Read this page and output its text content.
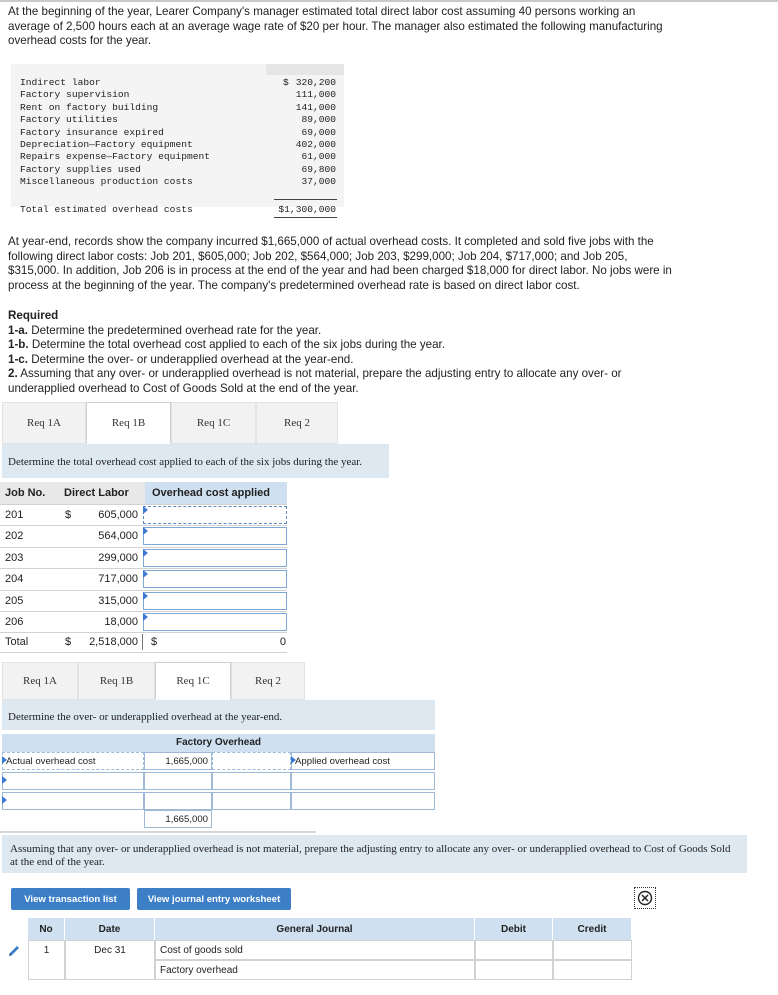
At the beginning of the year, Learer Company's manager estimated total direct labor cost assuming 40 persons working an
average of 2,500 hours each at an average wage rate of $20 per hour. The manager also estimated the following manufacturing
overhead costs for the year.
Indirect labor	$ 320,200
Factory supervision	111,000
Rent on factory building	141,000
Factory utilities	89,000
Factory insurance expired	69,000
Depreciation—Factory equipment	402,000
Repairs expense—Factory equipment	61,000
Factory supplies used	69,800
Miscellaneous production costs	37,000
Total estimated overhead costs	$1,300,000
At year-end, records show the company incurred $1,665,000 of actual overhead costs. It completed and sold five jobs with the
following direct labor costs: Job 201, $605,000; Job 202, $564,000; Job 203, $299,000; Job 204, $717,000; and Job 205,
$315,000. In addition, Job 206 is in process at the end of the year and had been charged $18,000 for direct labor. No jobs were in
process at the beginning of the year. The company's predetermined overhead rate is based on direct labor cost.
Required
1-a. Determine the predetermined overhead rate for the year.
1-b. Determine the total overhead cost applied to each of the six jobs during the year.
1-c. Determine the over- or underapplied overhead at the year-end.
2. Assuming that any over- or underapplied overhead is not material, prepare the adjusting entry to allocate any over- or
underapplied overhead to Cost of Goods Sold at the end of the year.
Req 1A	Req 1B	Req 1C	Req 2
Determine the total overhead cost applied to each of the six jobs during the year.
Job No. Direct Labor Overhead cost applied
201	$	605,000
202	564,000
203	299,000
204	717,000
205	315,000
206	18,000
Total	$ 2,518,000 $	0
Req 1A	Req 1B	Req 1C	Req 2
Determine the over- or underapplied overhead at the year-end.
Factory Overhead
Actual overhead cost	1,665,000	Applied overhead cost
1,665,000
Assuming that any over- or underapplied overhead is not material, prepare the adjusting entry to allocate any over- or underapplied overhead to Cost of Goods Sold at the end of the year.
View transaction list	View journal entry worksheet
No	Date	General Journal	Debit	Credit
1	Dec 31	Cost of goods sold
Factory overhead
